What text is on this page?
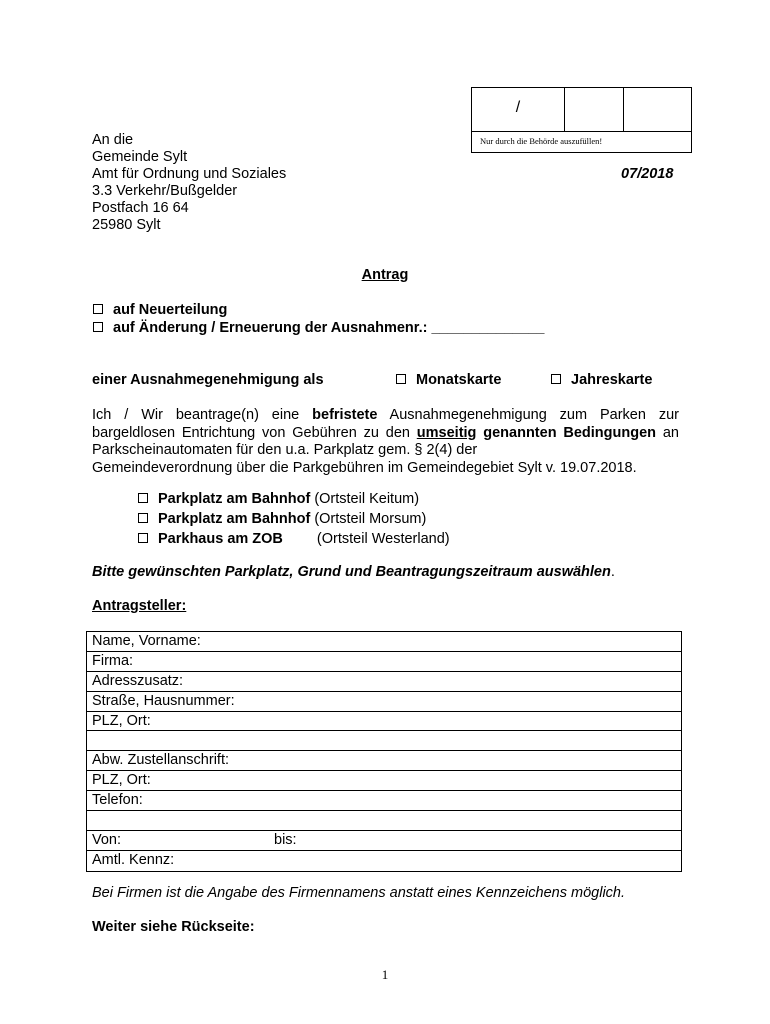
/
Nur durch die Behörde auszufüllen!
An die
Gemeinde Sylt
Amt für Ordnung und Soziales
3.3 Verkehr/Bußgelder
Postfach 16 64
25980 Sylt
07/2018
Antrag
auf Neuerteilung
auf Änderung / Erneuerung der Ausnahmenr.: ______________
einer Ausnahmegenehmigung als	Monatskarte	Jahreskarte
Ich / Wir beantrage(n) eine befristete Ausnahmegenehmigung zum Parken zur bargeldlosen Entrichtung von Gebühren zu den umseitig genannten Bedingungen an Parkscheinautomaten für den u.a. Parkplatz gem. § 2(4) der
Gemeindeverordnung über die Parkgebühren im Gemeindegebiet Sylt v. 19.07.2018.
Parkplatz am Bahnhof (Ortsteil Keitum)
Parkplatz am Bahnhof (Ortsteil Morsum)
Parkhaus am ZOB (Ortsteil Westerland)
Bitte gewünschten Parkplatz, Grund und Beantragungszeitraum auswählen.
Antragsteller:
Name, Vorname:
Firma:
Adresszusatz:
Straße, Hausnummer:
PLZ, Ort:
Abw. Zustellanschrift:
PLZ, Ort:
Telefon:
Von:	bis:
Amtl. Kennz:
Bei Firmen ist die Angabe des Firmennamens anstatt eines Kennzeichens möglich.
Weiter siehe Rückseite:
1
